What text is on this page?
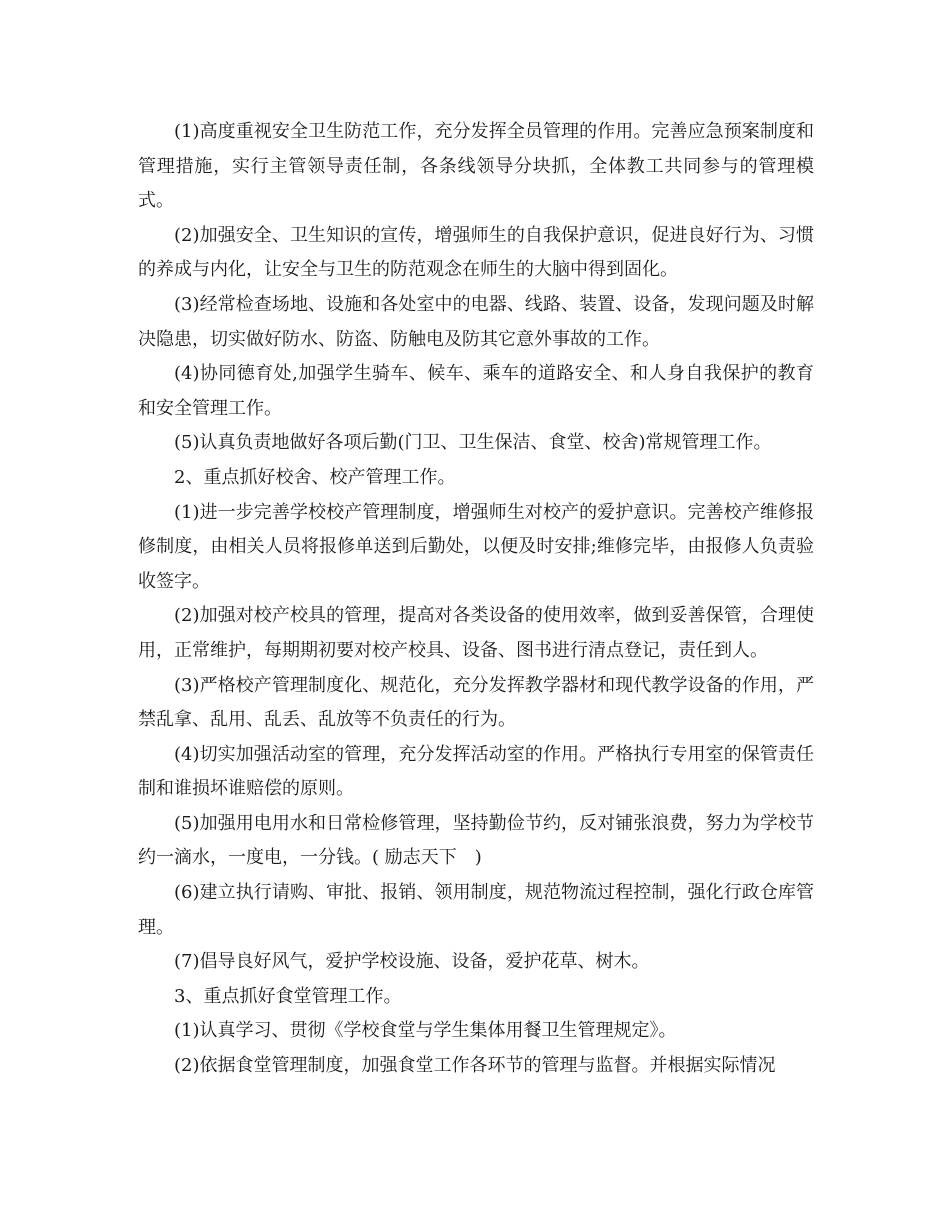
(1)高度重视安全卫生防范工作，充分发挥全员管理的作用。完善应急预案制度和管理措施，实行主管领导责任制，各条线领导分块抓，全体教工共同参与的管理模式。

(2)加强安全、卫生知识的宣传，增强师生的自我保护意识，促进良好行为、习惯的养成与内化，让安全与卫生的防范观念在师生的大脑中得到固化。

(3)经常检查场地、设施和各处室中的电器、线路、装置、设备，发现问题及时解决隐患，切实做好防水、防盗、防触电及防其它意外事故的工作。

(4)协同德育处,加强学生骑车、候车、乘车的道路安全、和人身自我保护的教育和安全管理工作。

(5)认真负责地做好各项后勤(门卫、卫生保洁、食堂、校舍)常规管理工作。

2、重点抓好校舍、校产管理工作。

(1)进一步完善学校校产管理制度，增强师生对校产的爱护意识。完善校产维修报修制度，由相关人员将报修单送到后勤处，以便及时安排;维修完毕，由报修人负责验收签字。

(2)加强对校产校具的管理，提高对各类设备的使用效率，做到妥善保管，合理使用，正常维护，每期期初要对校产校具、设备、图书进行清点登记，责任到人。

(3)严格校产管理制度化、规范化，充分发挥教学器材和现代教学设备的作用，严禁乱拿、乱用、乱丢、乱放等不负责任的行为。

(4)切实加强活动室的管理，充分发挥活动室的作用。严格执行专用室的保管责任制和谁损坏谁赔偿的原则。

(5)加强用电用水和日常检修管理，坚持勤俭节约，反对铺张浪费，努力为学校节约一滴水，一度电，一分钱。( 励志天下　)

(6)建立执行请购、审批、报销、领用制度，规范物流过程控制，强化行政仓库管理。

(7)倡导良好风气，爱护学校设施、设备，爱护花草、树木。

3、重点抓好食堂管理工作。

(1)认真学习、贯彻《学校食堂与学生集体用餐卫生管理规定》。

(2)依据食堂管理制度，加强食堂工作各环节的管理与监督。并根据实际情况
